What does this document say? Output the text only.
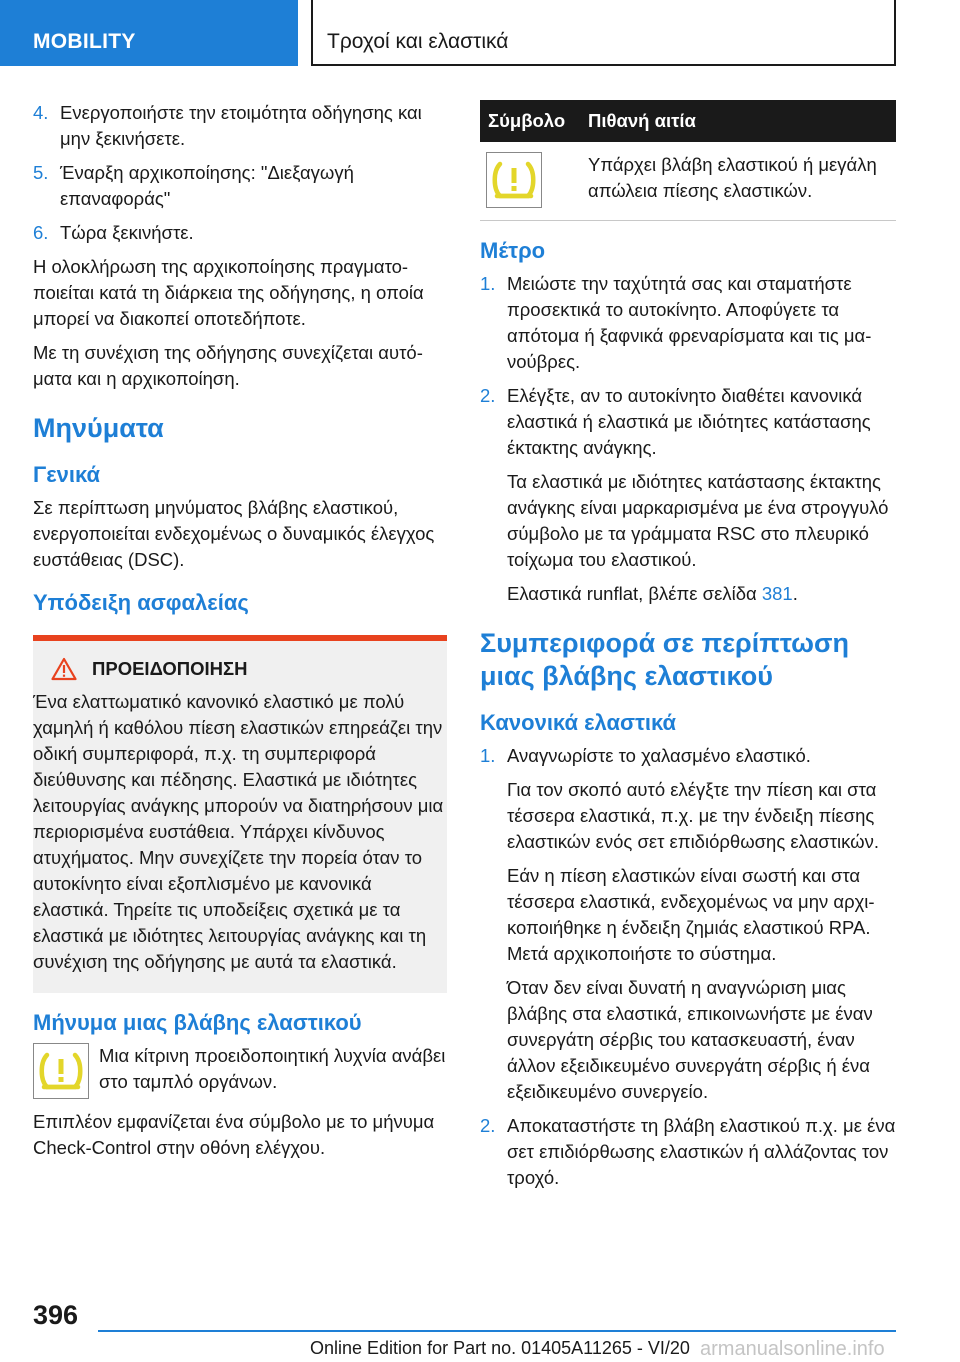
MOBILITY	Τροχοί και ελαστικά
4. Ενεργοποιήστε την ετοιμότητα οδήγησης και μην ξεκινήσετε.
5. Έναρξη αρχικοποίησης: "Διεξαγωγή επαναφοράς"
6. Τώρα ξεκινήστε.

Η ολοκλήρωση της αρχικοποίησης πραγματοποιείται κατά τη διάρκεια της οδήγησης, η οποία μπορεί να διακοπεί οποτεδήποτε.

Με τη συνέχιση της οδήγησης συνεχίζεται αυτόματα και η αρχικοποίηση.

Μηνύματα
Γενικά

Σε περίπτωση μηνύματος βλάβης ελαστικού, ενεργοποιείται ενδεχομένως ο δυναμικός έλεγχος ευστάθειας (DSC).

Υπόδειξη ασφαλείας
ΠΡΟΕΙΔΟΠΟΙΗΣΗ

Ένα ελαττωματικό κανονικό ελαστικό με πολύ χαμηλή ή καθόλου πίεση ελαστικών επηρεάζει την οδική συμπεριφορά, π.χ. τη συμπεριφορά διεύθυνσης και πέδησης. Ελαστικά με ιδιότητες λειτουργίας ανάγκης μπορούν να διατηρήσουν μια περιορισμένα ευστάθεια. Υπάρχει κίνδυνος ατυχήματος. Μην συνεχίζετε την πορεία όταν το αυτοκίνητο είναι εξοπλισμένο με κανονικά ελαστικά. Τηρείτε τις υποδείξεις σχετικά με τα ελαστικά με ιδιότητες λειτουργίας ανάγκης και τη συνέχιση της οδήγησης με αυτά τα ελαστικά.

Μήνυμα μιας βλάβης ελαστικού

Μια κίτρινη προειδοποιητική λυχνία ανάβει στο ταμπλό οργάνων.

Επιπλέον εμφανίζεται ένα σύμβολο με το μήνυμα Check-Control στην οθόνη ελέγχου.

Σύμβολο	Πιθανή αιτία

	Υπάρχει βλάβη ελαστικού ή μεγάλη απώλεια πίεσης ελαστικών.
Μέτρο
1. Μειώστε την ταχύτητά σας και σταματήστε προσεκτικά το αυτοκίνητο. Αποφύγετε τα απότομα ή ξαφνικά φρεναρίσματα και τις μανούβρες.
2. Ελέγξτε, αν το αυτοκίνητο διαθέτει κανονικά ελαστικά ή ελαστικά με ιδιότητες κατάστασης έκτακτης ανάγκης.

Τα ελαστικά με ιδιότητες κατάστασης έκτακτης ανάγκης είναι μαρκαρισμένα με ένα στρογγυλό σύμβολο με τα γράμματα RSC στο πλευρικό τοίχωμα του ελαστικού.

Ελαστικά runflat, βλέπε σελίδα 381.

Συμπεριφορά σε περίπτωση μιας βλάβης ελαστικού
Κανονικά ελαστικά
1. Αναγνωρίστε το χαλασμένο ελαστικό.

Για τον σκοπό αυτό ελέγξτε την πίεση και στα τέσσερα ελαστικά, π.χ. με την ένδειξη πίεσης ελαστικών ενός σετ επιδιόρθωσης ελαστικών.

Εάν η πίεση ελαστικών είναι σωστή και στα τέσσερα ελαστικά, ενδεχομένως να μην αρχικοποιήθηκε η ένδειξη ζημιάς ελαστικού RPA. Μετά αρχικοποιήστε το σύστημα.

Όταν δεν είναι δυνατή η αναγνώριση μιας βλάβης στα ελαστικά, επικοινωνήστε με έναν συνεργάτη σέρβις του κατασκευαστή, έναν άλλον εξειδικευμένο συνεργάτη σέρβις ή ένα εξειδικευμένο συνεργείο.

2. Αποκαταστήστε τη βλάβη ελαστικού π.χ. με ένα σετ επιδιόρθωσης ελαστικών ή αλλάζοντας τον τροχό.
396
Online Edition for Part no. 01405A11265 - VI/20 armanualsonline.info
